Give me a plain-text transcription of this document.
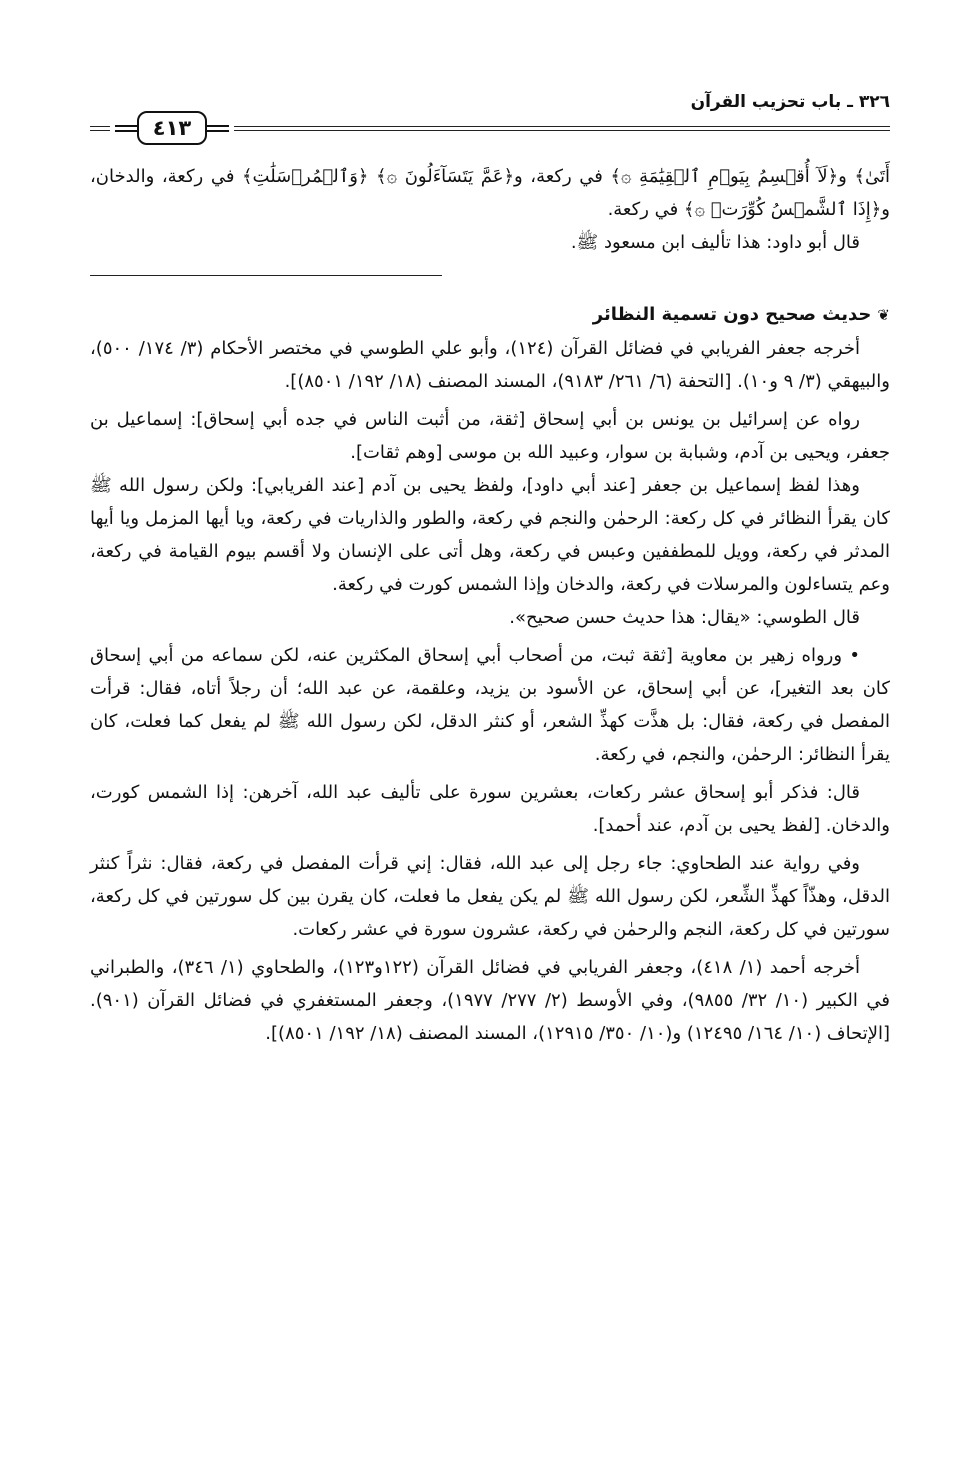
٣٢٦ ـ باب تحزيب القرآن
٤١٣

أَتَىٰ﴾ و﴿لَآ أُقۡسِمُ بِيَوۡمِ ٱلۡقِيَٰمَةِ ۞﴾ في ركعة، و﴿عَمَّ يَتَسَآءَلُونَ ۞﴾ ﴿وَٱلۡمُرۡسَلَٰتِ﴾ في ركعة، والدخان، و﴿إِذَا ٱلشَّمۡسُ كُوِّرَتۡ ۞﴾ في ركعة.

قال أبو داود: هذا تأليف ابن مسعود ﷺ.

❦حديث صحيح دون تسمية النظائر

أخرجه جعفر الفريابي في فضائل القرآن (١٢٤)، وأبو علي الطوسي في مختصر الأحكام (٣/ ١٧٤/ ٥٠٠)، والبيهقي (٣/ ٩ و١٠). [التحفة (٦/ ٢٦١/ ٩١٨٣)، المسند المصنف (١٨/ ١٩٢/ ٨٥٠١)].

رواه عن إسرائيل بن يونس بن أبي إسحاق [ثقة، من أثبت الناس في جده أبي إسحاق]: إسماعيل بن جعفر، ويحيى بن آدم، وشبابة بن سوار، وعبيد الله بن موسى [وهم ثقات].

وهذا لفظ إسماعيل بن جعفر [عند أبي داود]، ولفظ يحيى بن آدم [عند الفريابي]: ولكن رسول الله ﷺ كان يقرأ النظائر في كل ركعة: الرحمٰن والنجم في ركعة، والطور والذاريات في ركعة، ويا أيها المزمل ويا أيها المدثر في ركعة، وويل للمطففين وعبس في ركعة، وهل أتى على الإنسان ولا أقسم بيوم القيامة في ركعة، وعم يتساءلون والمرسلات في ركعة، والدخان وإذا الشمس كورت في ركعة.

قال الطوسي: «يقال: هذا حديث حسن صحيح».

• ورواه زهير بن معاوية [ثقة ثبت، من أصحاب أبي إسحاق المكثرين عنه، لكن سماعه من أبي إسحاق كان بعد التغير]، عن أبي إسحاق، عن الأسود بن يزيد، وعلقمة، عن عبد الله؛ أن رجلاً أتاه، فقال: قرأت المفصل في ركعة، فقال: بل هذَّت كهذِّ الشعر، أو كنثر الدقل، لكن رسول الله ﷺ لم يفعل كما فعلت، كان يقرأ النظائر: الرحمٰن، والنجم، في ركعة.

قال: فذكر أبو إسحاق عشر ركعات، بعشرين سورة على تأليف عبد الله، آخرهن: إذا الشمس كورت، والدخان. [لفظ يحيى بن آدم، عند أحمد].

وفي رواية عند الطحاوي: جاء رجل إلى عبد الله، فقال: إني قرأت المفصل في ركعة، فقال: نثراً كنثر الدقل، وهذّاً كهذِّ الشِّعر، لكن رسول الله ﷺ لم يكن يفعل ما فعلت، كان يقرن بين كل سورتين في كل ركعة، سورتين في كل ركعة، النجم والرحمٰن في ركعة، عشرون سورة في عشر ركعات.

أخرجه أحمد (١/ ٤١٨)، وجعفر الفريابي في فضائل القرآن (١٢٢و١٢٣)، والطحاوي (١/ ٣٤٦)، والطبراني في الكبير (١٠/ ٣٢/ ٩٨٥٥)، وفي الأوسط (٢/ ٢٧٧/ ١٩٧٧)، وجعفر المستغفري في فضائل القرآن (٩٠١). [الإتحاف (١٠/ ١٦٤/ ١٢٤٩٥) و(١٠/ ٣٥٠/ ١٢٩١٥)، المسند المصنف (١٨/ ١٩٢/ ٨٥٠١)].
